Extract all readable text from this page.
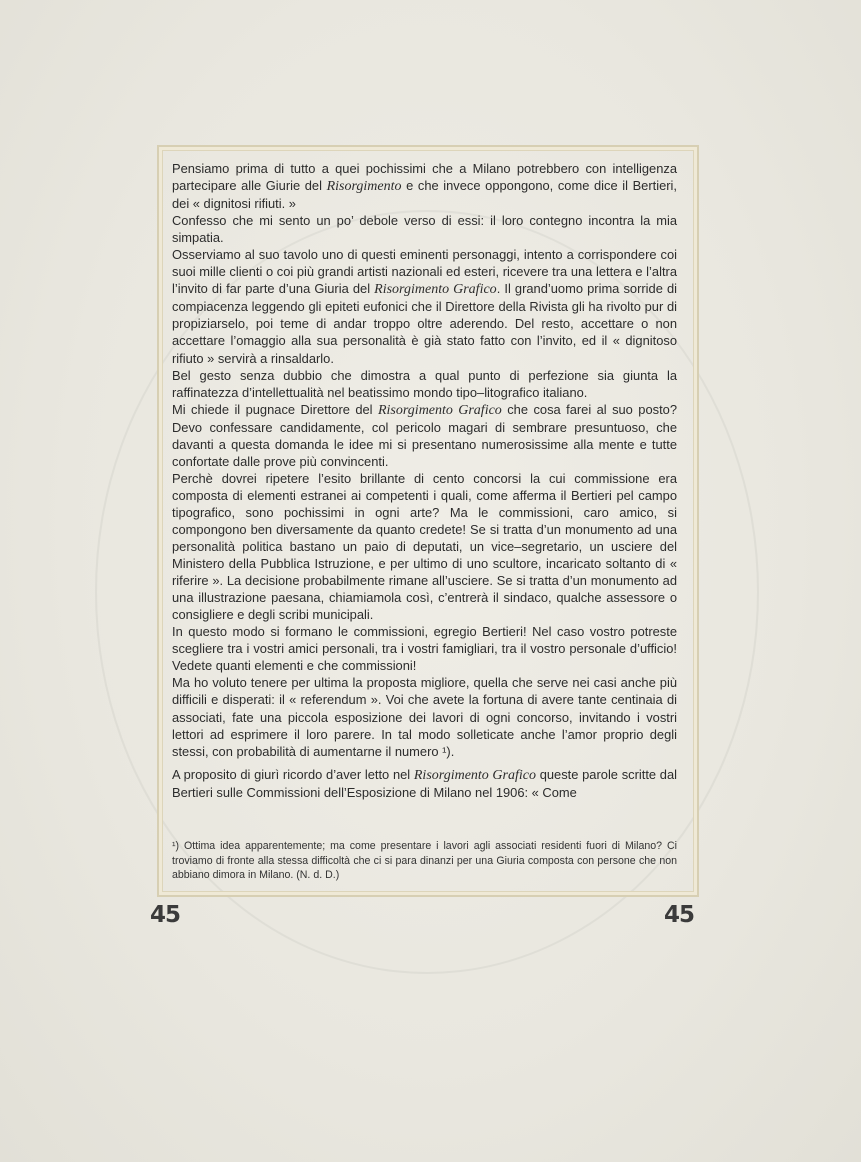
Pensiamo prima di tutto a quei pochissimi che a Milano potrebbero con intelligenza partecipare alle Giurie del Risorgimento e che invece oppongono, come dice il Bertieri, dei « dignitosi rifiuti. »

Confesso che mi sento un po’ debole verso di essi: il loro contegno incontra la mia simpatia.

Osserviamo al suo tavolo uno di questi eminenti personaggi, intento a corrispondere coi suoi mille clienti o coi più grandi artisti nazionali ed esteri, ricevere tra una lettera e l’altra l’invito di far parte d’una Giuria del Risorgimento Grafico. Il grand’uomo prima sorride di compiacenza leggendo gli epiteti eufonici che il Direttore della Rivista gli ha rivolto pur di propiziarselo, poi teme di andar troppo oltre aderendo. Del resto, accettare o non accettare l’omaggio alla sua personalità è già stato fatto con l’invito, ed il « dignitoso rifiuto » servirà a rinsaldarlo.

Bel gesto senza dubbio che dimostra a qual punto di perfezione sia giunta la raffinatezza d’intellettualità nel beatissimo mondo tipo–litografico italiano.

Mi chiede il pugnace Direttore del Risorgimento Grafico che cosa farei al suo posto? Devo confessare candidamente, col pericolo magari di sembrare presuntuoso, che davanti a questa domanda le idee mi si presentano numerosissime alla mente e tutte confortate dalle prove più convincenti.

Perchè dovrei ripetere l’esito brillante di cento concorsi la cui commissione era composta di elementi estranei ai competenti i quali, come afferma il Bertieri pel campo tipografico, sono pochissimi in ogni arte? Ma le commissioni, caro amico, si compongono ben diversamente da quanto credete! Se si tratta d’un monumento ad una personalità politica bastano un paio di deputati, un vice–segretario, un usciere del Ministero della Pubblica Istruzione, e per ultimo di uno scultore, incaricato soltanto di « riferire ». La decisione probabilmente rimane all’usciere. Se si tratta d’un monumento ad una illustrazione paesana, chiamiamola così, c’entrerà il sindaco, qualche assessore o consigliere e degli scribi municipali.

In questo modo si formano le commissioni, egregio Bertieri! Nel caso vostro potreste scegliere tra i vostri amici personali, tra i vostri famigliari, tra il vostro personale d’ufficio! Vedete quanti elementi e che commissioni!

Ma ho voluto tenere per ultima la proposta migliore, quella che serve nei casi anche più difficili e disperati: il « referendum ». Voi che avete la fortuna di avere tante centinaia di associati, fate una piccola esposizione dei lavori di ogni concorso, invitando i vostri lettori ad esprimere il loro parere. In tal modo solleticate anche l’amor proprio degli stessi, con probabilità di aumentarne il numero ¹).

A proposito di giurì ricordo d’aver letto nel Risorgimento Grafico queste parole scritte dal Bertieri sulle Commissioni dell’Esposizione di Milano nel 1906: « Come

¹) Ottima idea apparentemente; ma come presentare i lavori agli associati residenti fuori di Milano? Ci troviamo di fronte alla stessa difficoltà che ci si para dinanzi per una Giuria composta con persone che non abbiano dimora in Milano. (N. d. D.)
45	45
